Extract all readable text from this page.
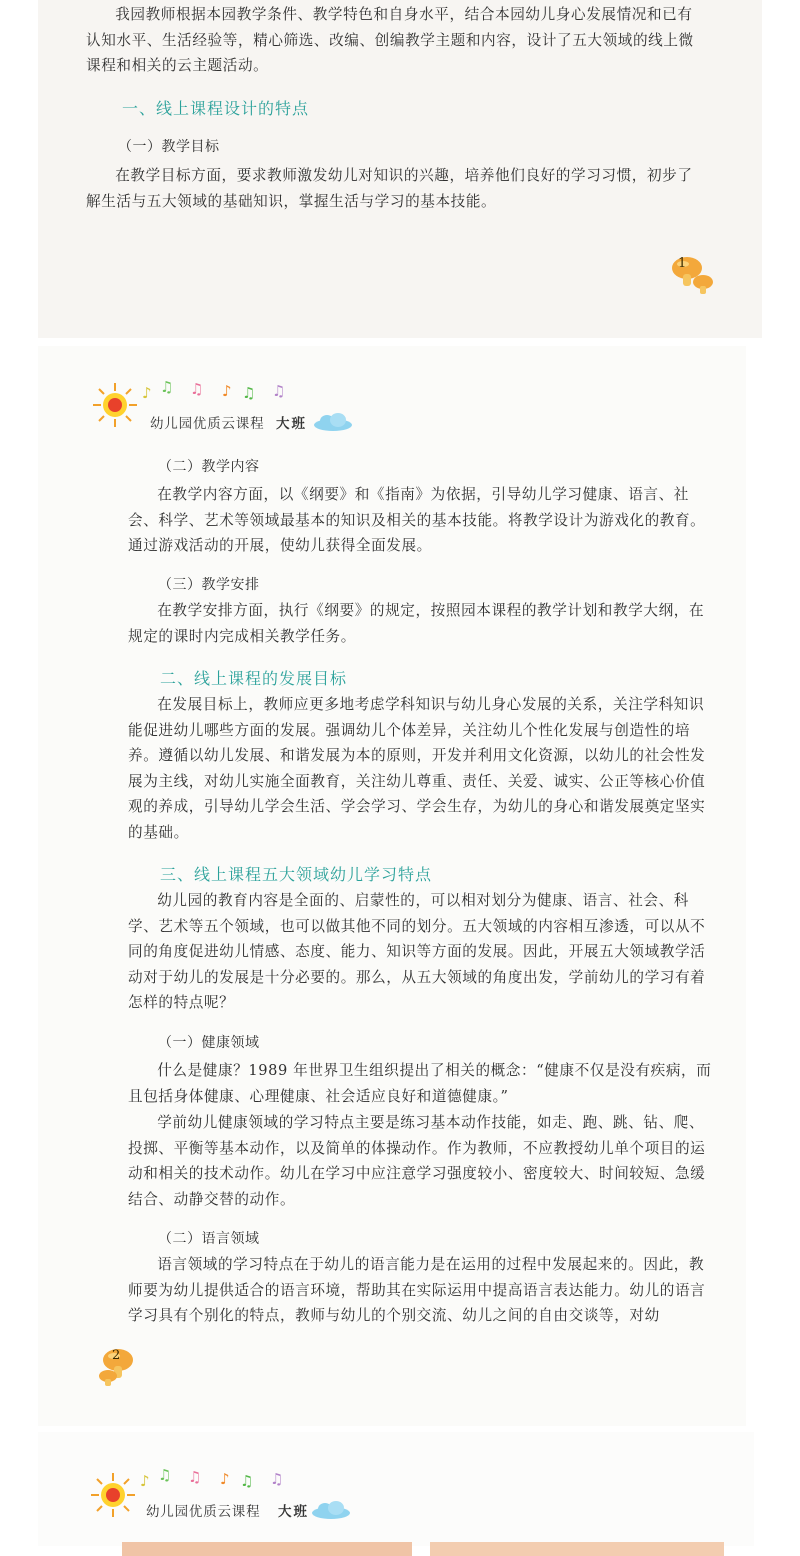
我园教师根据本园教学条件、教学特色和自身水平，结合本园幼儿身心发展情况和已有认知水平、生活经验等，精心筛选、改编、创编教学主题和内容，设计了五大领域的线上微课程和相关的云主题活动。

一、线上课程设计的特点

（一）教学目标

在教学目标方面，要求教师激发幼儿对知识的兴趣，培养他们良好的学习习惯，初步了解生活与五大领域的基础知识，掌握生活与学习的基本技能。

1
♪ ♫ ♫ ♪ ♫ ♫
幼儿园优质云课程 大班

（二）教学内容

在教学内容方面，以《纲要》和《指南》为依据，引导幼儿学习健康、语言、社会、科学、艺术等领域最基本的知识及相关的基本技能。将教学设计为游戏化的教育。通过游戏活动的开展，使幼儿获得全面发展。

（三）教学安排

在教学安排方面，执行《纲要》的规定，按照园本课程的教学计划和教学大纲，在规定的课时内完成相关教学任务。

二、线上课程的发展目标

在发展目标上，教师应更多地考虑学科知识与幼儿身心发展的关系，关注学科知识能促进幼儿哪些方面的发展。强调幼儿个体差异，关注幼儿个性化发展与创造性的培养。遵循以幼儿发展、和谐发展为本的原则，开发并利用文化资源，以幼儿的社会性发展为主线，对幼儿实施全面教育，关注幼儿尊重、责任、关爱、诚实、公正等核心价值观的养成，引导幼儿学会生活、学会学习、学会生存，为幼儿的身心和谐发展奠定坚实的基础。

三、线上课程五大领域幼儿学习特点

幼儿园的教育内容是全面的、启蒙性的，可以相对划分为健康、语言、社会、科学、艺术等五个领域，也可以做其他不同的划分。五大领域的内容相互渗透，可以从不同的角度促进幼儿情感、态度、能力、知识等方面的发展。因此，开展五大领域教学活动对于幼儿的发展是十分必要的。那么，从五大领域的角度出发，学前幼儿的学习有着怎样的特点呢？

（一）健康领域

什么是健康？1989 年世界卫生组织提出了相关的概念：“健康不仅是没有疾病，而且包括身体健康、心理健康、社会适应良好和道德健康。”

学前幼儿健康领域的学习特点主要是练习基本动作技能，如走、跑、跳、钻、爬、投掷、平衡等基本动作，以及简单的体操动作。作为教师，不应教授幼儿单个项目的运动和相关的技术动作。幼儿在学习中应注意学习强度较小、密度较大、时间较短、急缓结合、动静交替的动作。

（二）语言领域

语言领域的学习特点在于幼儿的语言能力是在运用的过程中发展起来的。因此，教师要为幼儿提供适合的语言环境，帮助其在实际运用中提高语言表达能力。幼儿的语言学习具有个别化的特点，教师与幼儿的个别交流、幼儿之间的自由交谈等，对幼

2
♪ ♫ ♫ ♪ ♫ ♫
幼儿园优质云课程 大班
